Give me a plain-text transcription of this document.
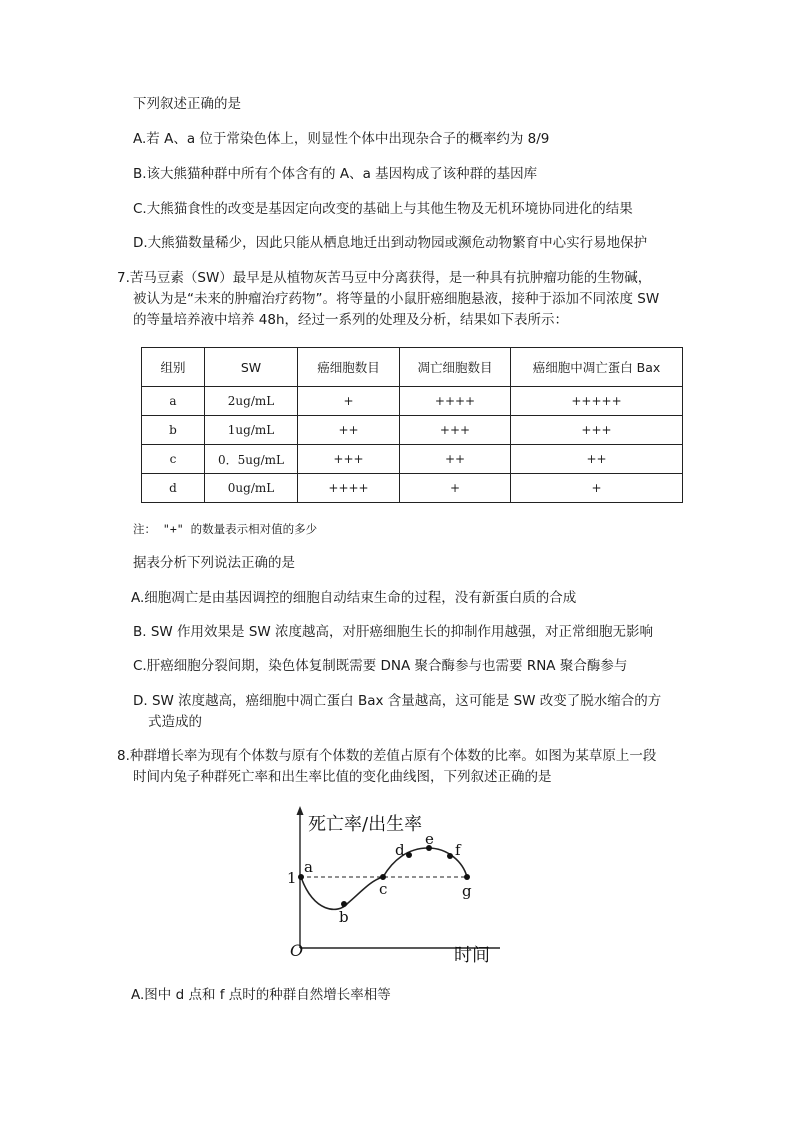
下列叙述正确的是
A.若 A、a 位于常染色体上，则显性个体中出现杂合子的概率约为 8/9
B.该大熊猫种群中所有个体含有的 A、a 基因构成了该种群的基因库
C.大熊猫食性的改变是基因定向改变的基础上与其他生物及无机环境协同进化的结果
D.大熊猫数量稀少，因此只能从栖息地迁出到动物园或濒危动物繁育中心实行易地保护
7.苦马豆素（SW）最早是从植物灰苦马豆中分离获得，是一种具有抗肿瘤功能的生物碱，
被认为是“未来的肿瘤治疗药物”。将等量的小鼠肝癌细胞悬液，接种于添加不同浓度 SW
的等量培养液中培养 48h，经过一系列的处理及分析，结果如下表所示：
组别	SW	癌细胞数目	凋亡细胞数目	癌细胞中凋亡蛋白 Bax
a	2ug/mL	+	++++	+++++
b	1ug/mL	++	+++	+++
c	0．5ug/mL	+++	++	++
d	0ug/mL	++++	+	+
注： "+" 的数量表示相对值的多少
据表分析下列说法正确的是
A.细胞凋亡是由基因调控的细胞自动结束生命的过程，没有新蛋白质的合成
B. SW 作用效果是 SW 浓度越高，对肝癌细胞生长的抑制作用越强，对正常细胞无影响
C.肝癌细胞分裂间期，染色体复制既需要 DNA 聚合酶参与也需要 RNA 聚合酶参与
D. SW 浓度越高，癌细胞中凋亡蛋白 Bax 含量越高，这可能是 SW 改变了脱水缩合的方
式造成的
8.种群增长率为现有个体数与原有个体数的差值占原有个体数的比率。如图为某草原上一段
时间内兔子种群死亡率和出生率比值的变化曲线图，下列叙述正确的是
死亡率/出生率
时间
O
1
a
b
c
d
e
f
g
A.图中 d 点和 f 点时的种群自然增长率相等
